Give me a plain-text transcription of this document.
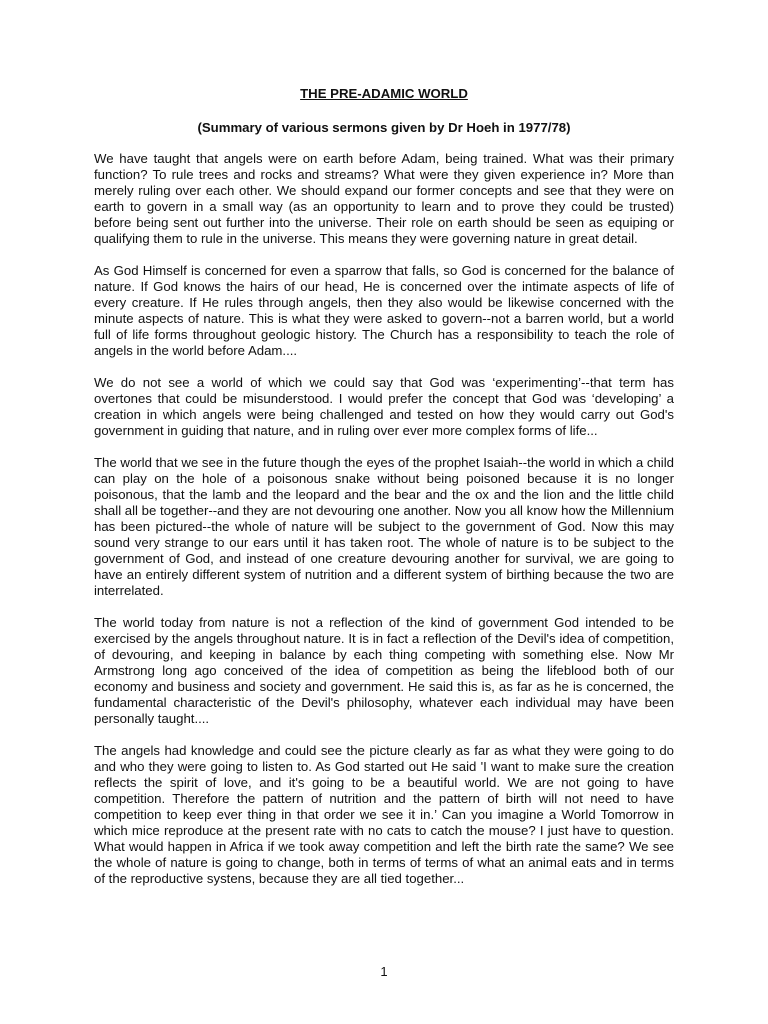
THE PRE-ADAMIC WORLD
(Summary of various sermons given by Dr Hoeh in 1977/78)

We have taught that angels were on earth before Adam, being trained. What was their primary function? To rule trees and rocks and streams? What were they given experience in? More than merely ruling over each other. We should expand our former concepts and see that they were on earth to govern in a small way (as an opportunity to learn and to prove they could be trusted) before being sent out further into the universe. Their role on earth should be seen as equiping or qualifying them to rule in the universe. This means they were governing nature in great detail.

As God Himself is concerned for even a sparrow that falls, so God is concerned for the balance of nature. If God knows the hairs of our head, He is concerned over the intimate aspects of life of every creature. If He rules through angels, then they also would be likewise concerned with the minute aspects of nature. This is what they were asked to govern--not a barren world, but a world full of life forms throughout geologic history. The Church has a responsibility to teach the role of angels in the world before Adam....

We do not see a world of which we could say that God was ‘experimenting’--that term has overtones that could be misunderstood. I would prefer the concept that God was ‘developing’ a creation in which angels were being challenged and tested on how they would carry out God's government in guiding that nature, and in ruling over ever more complex forms of life...

The world that we see in the future though the eyes of the prophet Isaiah--the world in which a child can play on the hole of a poisonous snake without being poisoned because it is no longer poisonous, that the lamb and the leopard and the bear and the ox and the lion and the little child shall all be together--and they are not devouring one another. Now you all know how the Millennium has been pictured--the whole of nature will be subject to the government of God. Now this may sound very strange to our ears until it has taken root. The whole of nature is to be subject to the government of God, and instead of one creature devouring another for survival, we are going to have an entirely different system of nutrition and a different system of birthing because the two are interrelated.

The world today from nature is not a reflection of the kind of government God intended to be exercised by the angels throughout nature. It is in fact a reflection of the Devil's idea of competition, of devouring, and keeping in balance by each thing competing with something else. Now Mr Armstrong long ago conceived of the idea of competition as being the lifeblood both of our economy and business and society and government. He said this is, as far as he is concerned, the fundamental characteristic of the Devil's philosophy, whatever each individual may have been personally taught....

The angels had knowledge and could see the picture clearly as far as what they were going to do and who they were going to listen to. As God started out He said 'I want to make sure the creation reflects the spirit of love, and it's going to be a beautiful world. We are not going to have competition. Therefore the pattern of nutrition and the pattern of birth will not need to have competition to keep ever thing in that order we see it in.’ Can you imagine a World Tomorrow in which mice reproduce at the present rate with no cats to catch the mouse? I just have to question. What would happen in Africa if we took away competition and left the birth rate the same? We see the whole of nature is going to change, both in terms of terms of what an animal eats and in terms of the reproductive systens, because they are all tied together...

1
